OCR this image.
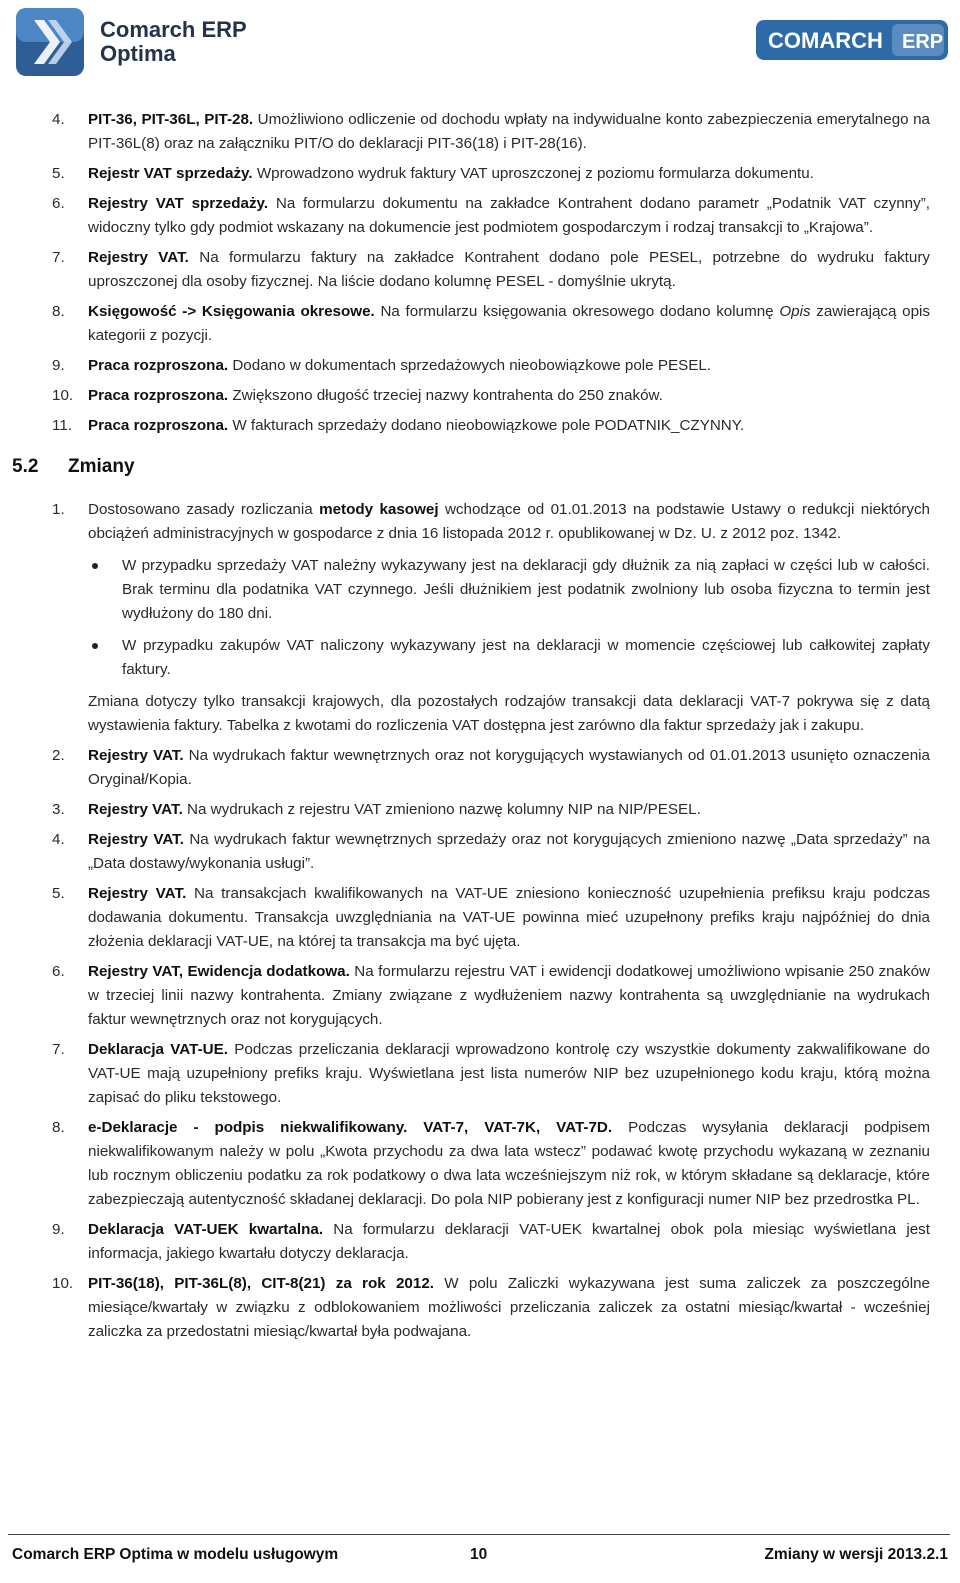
Comarch ERP
Optima
COMARCH ERP
4. PIT-36, PIT-36L, PIT-28. Umożliwiono odliczenie od dochodu wpłaty na indywidualne konto zabezpieczenia emerytalnego na PIT-36L(8) oraz na załączniku PIT/O do deklaracji PIT-36(18) i PIT-28(16).
5. Rejestr VAT sprzedaży. Wprowadzono wydruk faktury VAT uproszczonej z poziomu formularza dokumentu.
6. Rejestry VAT sprzedaży. Na formularzu dokumentu na zakładce Kontrahent dodano parametr „Podatnik VAT czynny”, widoczny tylko gdy podmiot wskazany na dokumencie jest podmiotem gospodarczym i rodzaj transakcji to „Krajowa”.
7. Rejestry VAT. Na formularzu faktury na zakładce Kontrahent dodano pole PESEL, potrzebne do wydruku faktury uproszczonej dla osoby fizycznej. Na liście dodano kolumnę PESEL - domyślnie ukrytą.
8. Księgowość -> Księgowania okresowe. Na formularzu księgowania okresowego dodano kolumnę Opis zawierającą opis kategorii z pozycji.
9. Praca rozproszona. Dodano w dokumentach sprzedażowych nieobowiązkowe pole PESEL.
10. Praca rozproszona. Zwiększono długość trzeciej nazwy kontrahenta do 250 znaków.
11. Praca rozproszona. W fakturach sprzedaży dodano nieobowiązkowe pole PODATNIK_CZYNNY.
5.2 Zmiany
1. Dostosowano zasady rozliczania metody kasowej wchodzące od 01.01.2013 na podstawie Ustawy o redukcji niektórych obciążeń administracyjnych w gospodarce z dnia 16 listopada 2012 r. opublikowanej w Dz. U. z 2012 poz. 1342.
W przypadku sprzedaży VAT należny wykazywany jest na deklaracji gdy dłużnik za nią zapłaci w części lub w całości. Brak terminu dla podatnika VAT czynnego. Jeśli dłużnikiem jest podatnik zwolniony lub osoba fizyczna to termin jest wydłużony do 180 dni.
W przypadku zakupów VAT naliczony wykazywany jest na deklaracji w momencie częściowej lub całkowitej zapłaty faktury.
Zmiana dotyczy tylko transakcji krajowych, dla pozostałych rodzajów transakcji data deklaracji VAT-7 pokrywa się z datą wystawienia faktury. Tabelka z kwotami do rozliczenia VAT dostępna jest zarówno dla faktur sprzedaży jak i zakupu.
2. Rejestry VAT. Na wydrukach faktur wewnętrznych oraz not korygujących wystawianych od 01.01.2013 usunięto oznaczenia Oryginał/Kopia.
3. Rejestry VAT. Na wydrukach z rejestru VAT zmieniono nazwę kolumny NIP na NIP/PESEL.
4. Rejestry VAT. Na wydrukach faktur wewnętrznych sprzedaży oraz not korygujących zmieniono nazwę „Data sprzedaży” na „Data dostawy/wykonania usługi”.
5. Rejestry VAT. Na transakcjach kwalifikowanych na VAT-UE zniesiono konieczność uzupełnienia prefiksu kraju podczas dodawania dokumentu. Transakcja uwzględniania na VAT-UE powinna mieć uzupełnony prefiks kraju najpóźniej do dnia złożenia deklaracji VAT-UE, na której ta transakcja ma być ujęta.
6. Rejestry VAT, Ewidencja dodatkowa. Na formularzu rejestru VAT i ewidencji dodatkowej umożliwiono wpisanie 250 znaków w trzeciej linii nazwy kontrahenta. Zmiany związane z wydłużeniem nazwy kontrahenta są uwzględnianie na wydrukach faktur wewnętrznych oraz not korygujących.
7. Deklaracja VAT-UE. Podczas przeliczania deklaracji wprowadzono kontrolę czy wszystkie dokumenty zakwalifikowane do VAT-UE mają uzupełniony prefiks kraju. Wyświetlana jest lista numerów NIP bez uzupełnionego kodu kraju, którą można zapisać do pliku tekstowego.
8. e-Deklaracje - podpis niekwalifikowany. VAT-7, VAT-7K, VAT-7D. Podczas wysyłania deklaracji podpisem niekwalifikowanym należy w polu „Kwota przychodu za dwa lata wstecz” podawać kwotę przychodu wykazaną w zeznaniu lub rocznym obliczeniu podatku za rok podatkowy o dwa lata wcześniejszym niż rok, w którym składane są deklaracje, które zabezpieczają autentyczność składanej deklaracji. Do pola NIP pobierany jest z konfiguracji numer NIP bez przedrostka PL.
9. Deklaracja VAT-UEK kwartalna. Na formularzu deklaracji VAT-UEK kwartalnej obok pola miesiąc wyświetlana jest informacja, jakiego kwartału dotyczy deklaracja.
10. PIT-36(18), PIT-36L(8), CIT-8(21) za rok 2012. W polu Zaliczki wykazywana jest suma zaliczek za poszczególne miesiące/kwartały w związku z odblokowaniem możliwości przeliczania zaliczek za ostatni miesiąc/kwartał - wcześniej zaliczka za przedostatni miesiąc/kwartał była podwajana.
Comarch ERP Optima w modelu usługowym	10	Zmiany w wersji 2013.2.1
